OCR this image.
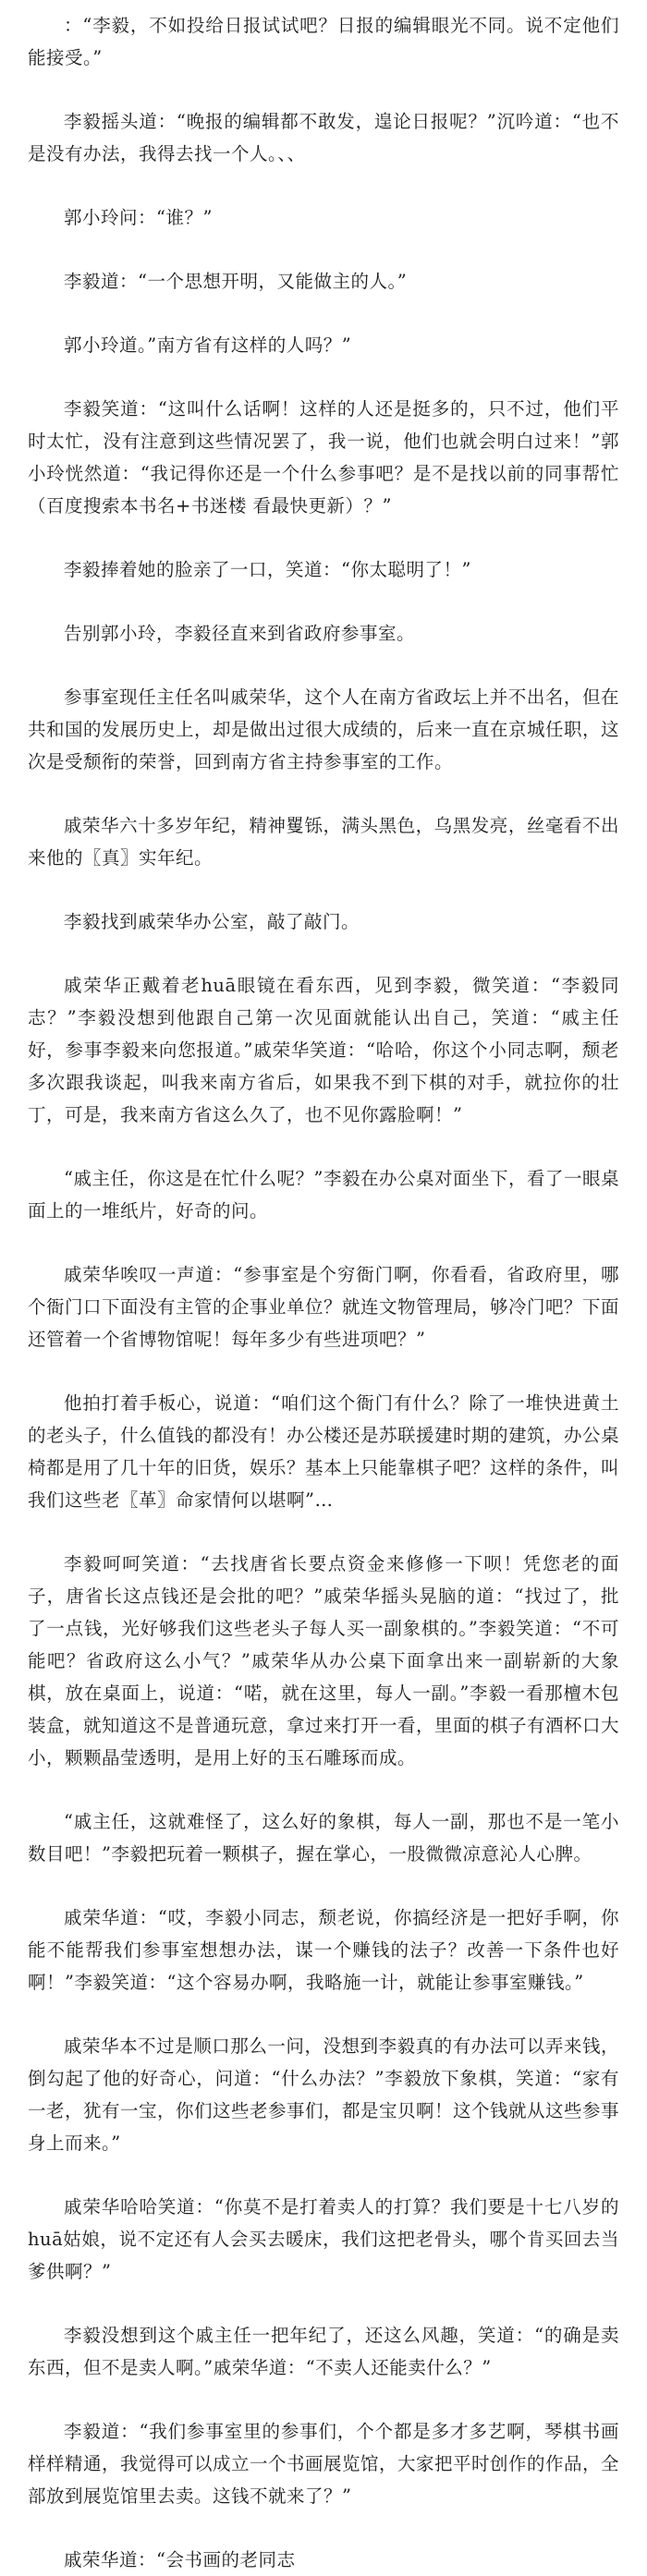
：“李毅，不如投给日报试试吧？日报的编辑眼光不同。说不定他们能接受。”

李毅摇头道：“晚报的编辑都不敢发，遑论日报呢？”沉吟道：“也不是没有办法，我得去找一个人。、、

郭小玲问：“谁？”

李毅道：“一个思想开明，又能做主的人。”

郭小玲道。”南方省有这样的人吗？”

李毅笑道：“这叫什么话啊！这样的人还是挺多的，只不过，他们平时太忙，没有注意到这些情况罢了，我一说，他们也就会明白过来！”郭小玲恍然道：“我记得你还是一个什么参事吧？是不是找以前的同事帮忙（百度搜索本书名+书迷楼 看最快更新）？”

李毅捧着她的脸亲了一口，笑道：“你太聪明了！”

告别郭小玲，李毅径直来到省政府参事室。

参事室现任主任名叫戚荣华，这个人在南方省政坛上并不出名，但在共和国的发展历史上，却是做出过很大成绩的，后来一直在京城任职，这次是受颓衔的荣誉，回到南方省主持参事室的工作。

戚荣华六十多岁年纪，精神矍铄，满头黑色，乌黑发亮，丝毫看不出来他的〖真〗实年纪。

李毅找到戚荣华办公室，敲了敲门。

戚荣华正戴着老huā眼镜在看东西，见到李毅，微笑道：“李毅同志？”李毅没想到他跟自己第一次见面就能认出自己，笑道：“戚主任好，参事李毅来向您报道。”戚荣华笑道：“哈哈，你这个小同志啊，颓老多次跟我谈起，叫我来南方省后，如果我不到下棋的对手，就拉你的壮丁，可是，我来南方省这么久了，也不见你露脸啊！”

“戚主任，你这是在忙什么呢？”李毅在办公桌对面坐下，看了一眼桌面上的一堆纸片，好奇的问。

戚荣华唉叹一声道：“参事室是个穷衙门啊，你看看，省政府里，哪个衙门口下面没有主管的企事业单位？就连文物管理局，够冷门吧？下面还管着一个省博物馆呢！每年多少有些进项吧？”

他拍打着手板心，说道：“咱们这个衙门有什么？除了一堆快进黄土的老头子，什么值钱的都没有！办公楼还是苏联援建时期的建筑，办公桌椅都是用了几十年的旧货，娱乐？基本上只能靠棋子吧？这样的条件，叫我们这些老〖革〗命家情何以堪啊”…

李毅呵呵笑道：“去找唐省长要点资金来修修一下呗！凭您老的面子，唐省长这点钱还是会批的吧？”戚荣华摇头晃脑的道：“找过了，批了一点钱，光好够我们这些老头子每人买一副象棋的。”李毅笑道：“不可能吧？省政府这么小气？”戚荣华从办公桌下面拿出来一副崭新的大象棋，放在桌面上，说道：“喏，就在这里，每人一副。”李毅一看那檀木包装盒，就知道这不是普通玩意，拿过来打开一看，里面的棋子有酒杯口大小，颗颗晶莹透明，是用上好的玉石雕琢而成。

“戚主任，这就难怪了，这么好的象棋，每人一副，那也不是一笔小数目吧！”李毅把玩着一颗棋子，握在掌心，一股微微凉意沁人心脾。

戚荣华道：“哎，李毅小同志，颓老说，你搞经济是一把好手啊，你能不能帮我们参事室想想办法，谋一个赚钱的法子？改善一下条件也好啊！”李毅笑道：“这个容易办啊，我略施一计，就能让参事室赚钱。”

戚荣华本不过是顺口那么一问，没想到李毅真的有办法可以弄来钱，倒勾起了他的好奇心，问道：“什么办法？”李毅放下象棋，笑道：“家有一老，犹有一宝，你们这些老参事们，都是宝贝啊！这个钱就从这些参事身上而来。”

戚荣华哈哈笑道：“你莫不是打着卖人的打算？我们要是十七八岁的huā姑娘，说不定还有人会买去暖床，我们这把老骨头，哪个肯买回去当爹供啊？”

李毅没想到这个戚主任一把年纪了，还这么风趣，笑道：“的确是卖东西，但不是卖人啊。”戚荣华道：“不卖人还能卖什么？”

李毅道：“我们参事室里的参事们，个个都是多才多艺啊，琴棋书画样样精通，我觉得可以成立一个书画展览馆，大家把平时创作的作品，全部放到展览馆里去卖。这钱不就来了？”

戚荣华道：“会书画的老同志
